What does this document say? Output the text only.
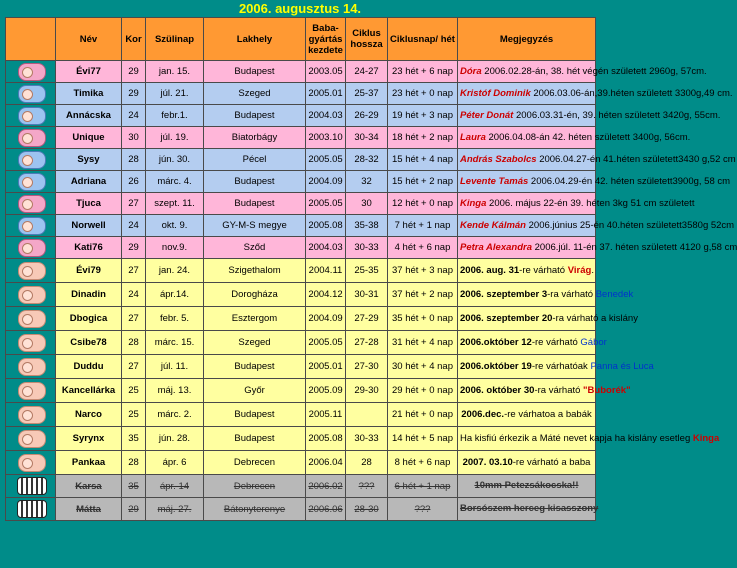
2006. augusztus 14.
	Név	Kor	Szülinap	Lakhely	Baba-gyártás kezdete	Ciklus hossza	Ciklusnap/ hét	Megjegyzés

	Évi77	29	jan. 15.	Budapest	2003.05	24-27	23 hét + 6 nap	Dóra 2006.02.28-án, 38. hét végén született 2960g, 57cm.

	Timika	29	júl. 21.	Szeged	2005.01	25-37	23 hét + 0 nap	Kristóf Dominik 2006.03.06-án,39.héten született 3300g,49 cm.

	Annácska	24	febr.1.	Budapest	2004.03	26-29	19 hét + 3 nap	Péter Donát 2006.03.31-én, 39. héten született 3420g, 55cm.

	Unique	30	júl. 19.	Biatorbágy	2003.10	30-34	18 hét + 2 nap	Laura 2006.04.08-án 42. héten született 3400g, 56cm.

	Sysy	28	jún. 30.	Pécel	2005.05	28-32	15 hét + 4 nap	András Szabolcs 2006.04.27-én 41.héten született3430 g,52 cm

	Adriana	26	márc. 4.	Budapest	2004.09	32	15 hét + 2 nap	Levente Tamás 2006.04.29-én 42. héten született3900g, 58 cm

	Tjuca	27	szept. 11.	Budapest	2005.05	30	12 hét + 0 nap	Kinga 2006. május 22-én 39. héten 3kg 51 cm született

	Norwell	24	okt. 9.	GY-M-S megye	2005.08	35-38	7 hét + 1 nap	Kende Kálmán 2006.június 25-én 40.héten született3580g 52cm

	Kati76	29	nov.9.	Sződ	2004.03	30-33	4 hét + 6 nap	Petra Alexandra 2006.júl. 11-én 37. héten született 4120 g,58 cm

	Évi79	27	jan. 24.	Szigethalom	2004.11	25-35	37 hét + 3 nap	2006. aug. 31-re várható Virág.

	Dinadin	24	ápr.14.	Dorogháza	2004.12	30-31	37 hét + 2 nap	2006. szeptember 3-ra várható Benedek

	Dbogica	27	febr. 5.	Esztergom	2004.09	27-29	35 hét + 0 nap	2006. szeptember 20-ra várható a kislány

	Csibe78	28	márc. 15.	Szeged	2005.05	27-28	31 hét + 4 nap	2006.október 12-re várható Gábor

	Duddu	27	júl. 11.	Budapest	2005.01	27-30	30 hét + 4 nap	2006.október 19-re várhatóak Panna és Luca

	Kancellárka	25	máj. 13.	Győr	2005.09	29-30	29 hét + 0 nap	2006. október 30-ra várható "Buborék"

	Narco	25	márc. 2.	Budapest	2005.11		21 hét + 0 nap	2006.dec.-re várhatoa a babák

	Syrynx	35	jún. 28.	Budapest	2005.08	30-33	14 hét + 5 nap	Ha kisfiú érkezik a Máté nevet kapja ha kislány esetleg Kinga

	Pankaa	28	ápr. 6	Debrecen	2006.04	28	8 hét + 6 nap	2007. 03.10-re várható a baba

	Karsa	35	ápr. 14	Debrecen	2006.02	???	6 hét + 1 nap	10mm Petezsákocska!!

	Mátta	29	máj. 27.	Bátonyterenye	2006.06	28-30	???	Borsószem herceg kisasszony
